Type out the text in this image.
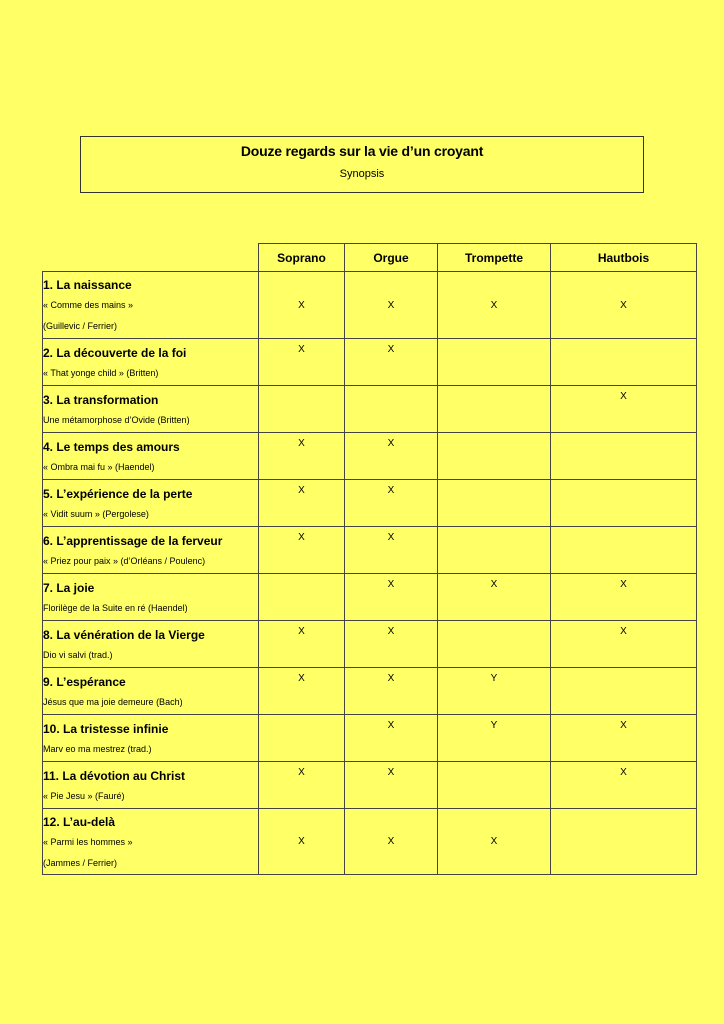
Douze regards sur la vie d’un croyant
Synopsis
	Soprano	Orgue	Trompette	Hautbois

1. La naissance
« Comme des mains »
(Guillevic / Ferrier)	X	X	X	X

2. La découverte de la foi
« That yonge child » (Britten)	X	X		

3. La transformation
Une métamorphose d’Ovide (Britten)				X

4. Le temps des amours
« Ombra mai fu » (Haendel)	X	X		

5. L’expérience de la perte
« Vidit suum » (Pergolese)	X	X		

6. L’apprentissage de la ferveur
« Priez pour paix » (d’Orléans / Poulenc)	X	X		

7. La joie
Florilège de la Suite en ré (Haendel)		X	X	X

8. La vénération de la Vierge
Dio vi salvi (trad.)	X	X		X

9. L’espérance
Jésus que ma joie demeure (Bach)	X	X	Y	

10. La tristesse infinie
Marv eo ma mestrez (trad.)		X	Y	X

11. La dévotion au Christ
« Pie Jesu » (Fauré)	X	X		X

12. L’au-delà
« Parmi les hommes »
(Jammes / Ferrier)	X	X	X	
